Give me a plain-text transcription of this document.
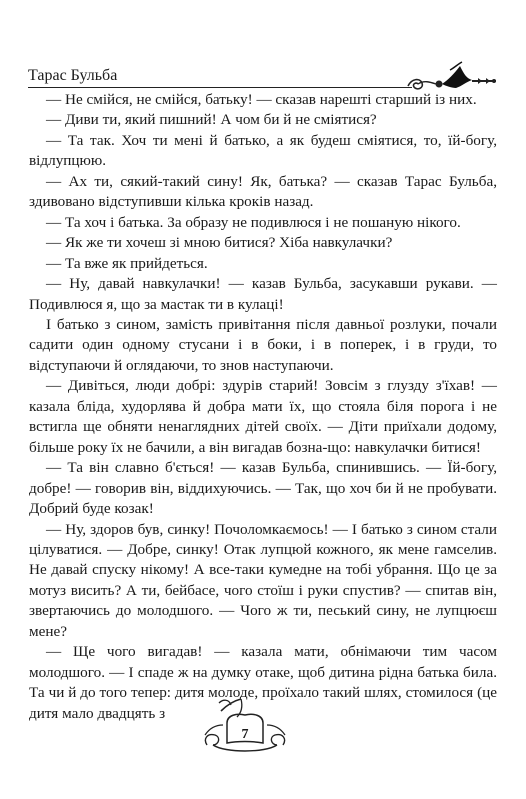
Тарас Бульба

— Не смійся, не смійся, батьку! — сказав нарешті старший із них.

— Диви ти, який пишний! А чом би й не сміятися?

— Та так. Хоч ти мені й батько, а як будеш сміятися, то, їй-богу, відлупцюю.

— Ах ти, сякий-такий сину! Як, батька? — сказав Тарас Бульба, здивовано відступивши кілька кроків назад.

— Та хоч і батька. За образу не подивлюся і не пошаную нікого.

— Як же ти хочеш зі мною битися? Хіба навкулачки?

— Та вже як прийдеться.

— Ну, давай навкулачки! — казав Бульба, засукавши рукави. — Подивлюся я, що за мастак ти в кулаці!

І батько з сином, замість привітання після давньої розлуки, почали садити один одному стусани і в боки, і в поперек, і в груди, то відступаючи й оглядаючи, то знов наступаючи.

— Дивіться, люди добрі: здурів старий! Зовсім з глузду з'їхав! — казала бліда, худорлява й добра мати їх, що стояла біля порога і не встигла ще обняти ненаглядних дітей своїх. — Діти приїхали додому, більше року їх не бачили, а він вигадав бозна-що: навкулачки битися!

— Та він славно б'ється! — казав Бульба, спинившись. — Їй-богу, добре! — говорив він, віддихуючись. — Так, що хоч би й не пробувати. Добрий буде козак!

— Ну, здоров був, синку! Почоломкаємось! — І батько з сином стали цілуватися. — Добре, синку! Отак лупцюй кожного, як мене гамселив. Не давай спуску нікому! А все-таки кумедне на тобі убрання. Що це за мотуз висить? А ти, бейбасе, чого стоїш і руки спустив? — спитав він, звертаючись до молодшого. — Чого ж ти, песький сину, не лупцюєш мене?

— Ще чого вигадав! — казала мати, обнімаючи тим часом молодшого. — І спаде ж на думку отаке, щоб дитина рідна батька била. Та чи й до того тепер: дитя молоде, проїхало такий шлях, стомилося (це дитя мало двадцять з

7
